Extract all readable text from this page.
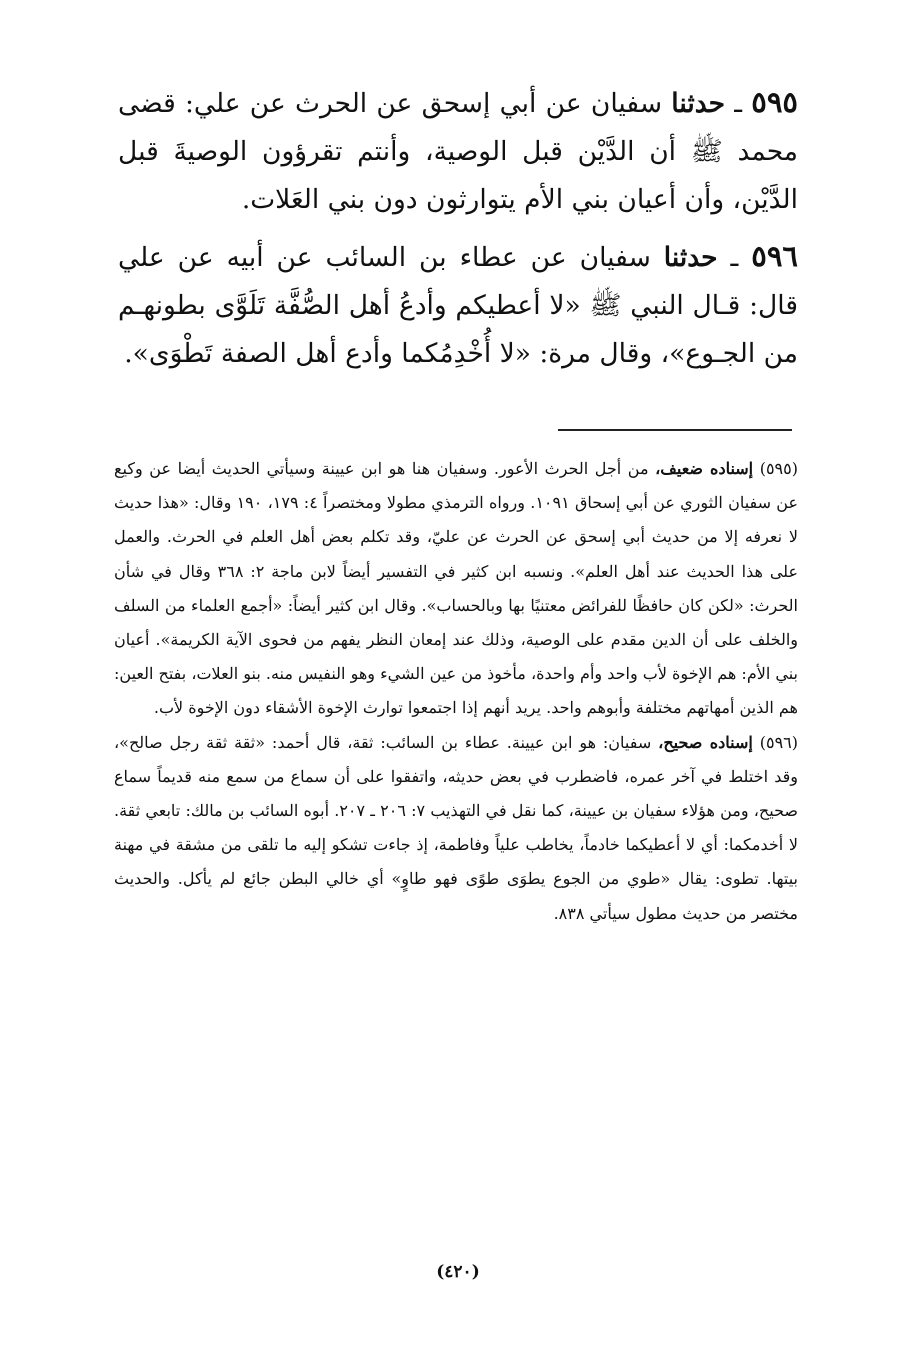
٥٩٥ ـ حدثنا سفيان عن أبي إسحق عن الحرث عن علي: قضى محمد ﷺ أن الدَّيْن قبل الوصية، وأنتم تقرؤون الوصيةَ قبل الدَّيْن، وأن أعيان بني الأم يتوارثون دون بني العَلات.

٥٩٦ ـ حدثنا سفيان عن عطاء بن السائب عن أبيه عن علي قال: قـال النبي ﷺ «لا أعطيكم وأدعُ أهل الصُّفَّة تَلَوَّى بطونهـم من الجـوع»، وقال مرة: «لا أُخْدِمُكما وأدع أهل الصفة تَطْوَى».

(٥٩٥) إسناده ضعيف، من أجل الحرث الأعور. وسفيان هنا هو ابن عيينة وسيأتي الحديث أيضا عن وكيع عن سفيان الثوري عن أبي إسحاق ١٠٩١. ورواه الترمذي مطولا ومختصراً ٤: ١٧٩، ١٩٠ وقال: «هذا حديث لا نعرفه إلا من حديث أبي إسحق عن الحرث عن عليّ، وقد تكلم بعض أهل العلم في الحرث. والعمل على هذا الحديث عند أهل العلم». ونسبه ابن كثير في التفسير أيضاً لابن ماجة ٢: ٣٦٨ وقال في شأن الحرث: «لكن كان حافظًا للفرائض معتنيًا بها وبالحساب». وقال ابن كثير أيضاً: «أجمع العلماء من السلف والخلف على أن الدين مقدم على الوصية، وذلك عند إمعان النظر يفهم من فحوى الآية الكريمة». أعيان بني الأم: هم الإخوة لأب واحد وأم واحدة، مأخوذ من عين الشيء وهو النفيس منه. بنو العلات، بفتح العين: هم الذين أمهاتهم مختلفة وأبوهم واحد. يريد أنهم إذا اجتمعوا توارث الإخوة الأشقاء دون الإخوة لأب.

(٥٩٦) إسناده صحيح، سفيان: هو ابن عيينة. عطاء بن السائب: ثقة، قال أحمد: «ثقة ثقة رجل صالح»، وقد اختلط في آخر عمره، فاضطرب في بعض حديثه، واتفقوا على أن سماع من سمع منه قديماً سماع صحيح، ومن هؤلاء سفيان بن عيينة، كما نقل في التهذيب ٧: ٢٠٦ ـ ٢٠٧. أبوه السائب بن مالك: تابعي ثقة. لا أخدمكما: أي لا أعطيكما خادماً، يخاطب علياً وفاطمة، إذ جاءت تشكو إليه ما تلقى من مشقة في مهنة بيتها. تطوى: يقال «طوي من الجوع يطوَى طوًى فهو طاوٍ» أي خالي البطن جائع لم يأكل. والحديث مختصر من حديث مطول سيأتي ٨٣٨.

(٤٢٠)
